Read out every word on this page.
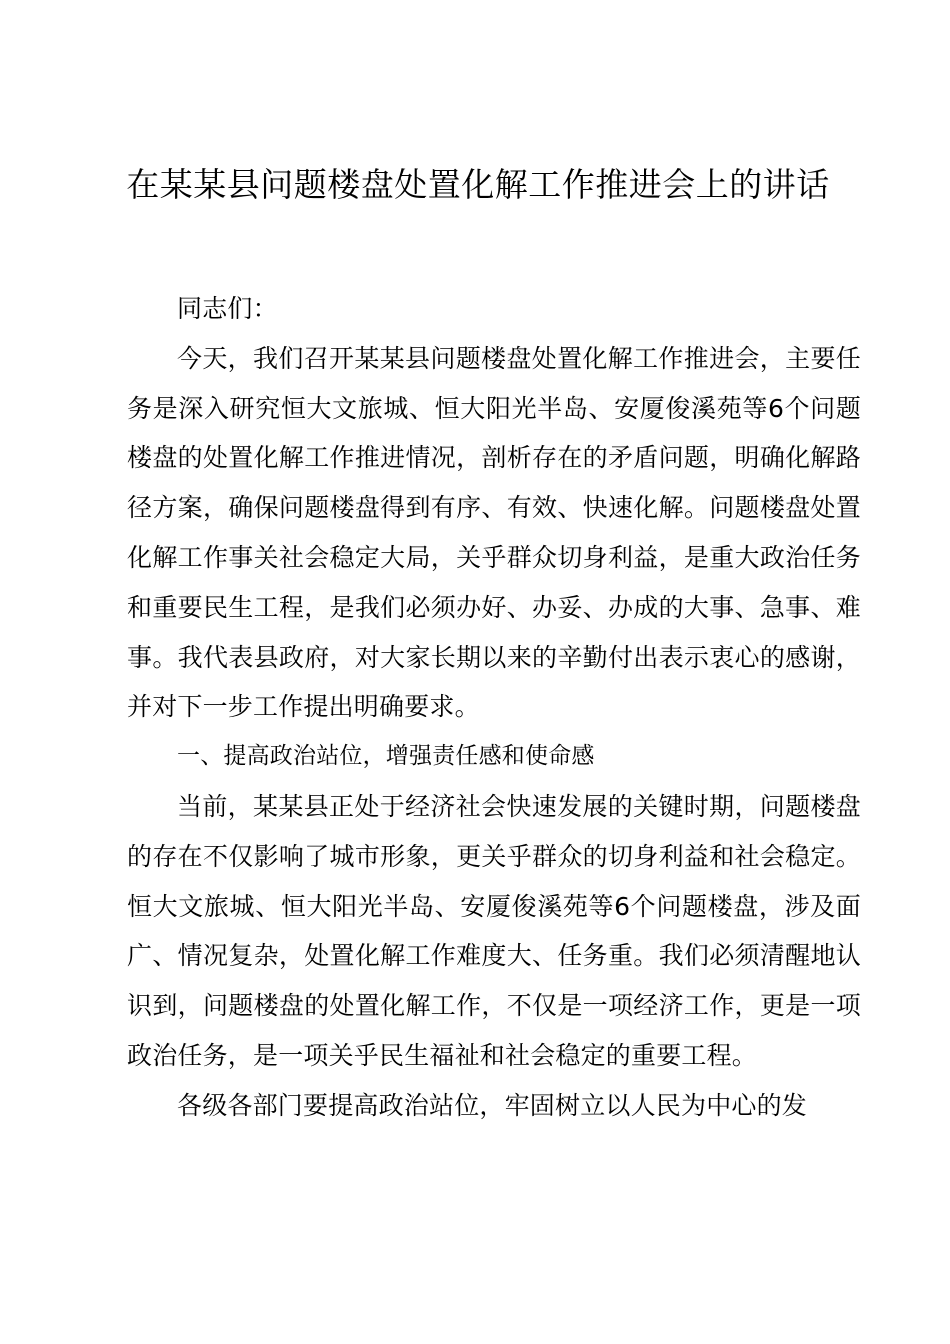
在某某县问题楼盘处置化解工作推进会上的讲话

同志们：

今天，我们召开某某县问题楼盘处置化解工作推进会，主要任务是深入研究恒大文旅城、恒大阳光半岛、安厦俊溪苑等6个问题楼盘的处置化解工作推进情况，剖析存在的矛盾问题，明确化解路径方案，确保问题楼盘得到有序、有效、快速化解。问题楼盘处置化解工作事关社会稳定大局，关乎群众切身利益，是重大政治任务和重要民生工程，是我们必须办好、办妥、办成的大事、急事、难事。我代表县政府，对大家长期以来的辛勤付出表示衷心的感谢，并对下一步工作提出明确要求。

一、提高政治站位，增强责任感和使命感

当前，某某县正处于经济社会快速发展的关键时期，问题楼盘的存在不仅影响了城市形象，更关乎群众的切身利益和社会稳定。恒大文旅城、恒大阳光半岛、安厦俊溪苑等6个问题楼盘，涉及面广、情况复杂，处置化解工作难度大、任务重。我们必须清醒地认识到，问题楼盘的处置化解工作，不仅是一项经济工作，更是一项政治任务，是一项关乎民生福祉和社会稳定的重要工程。

各级各部门要提高政治站位，牢固树立以人民为中心的发
